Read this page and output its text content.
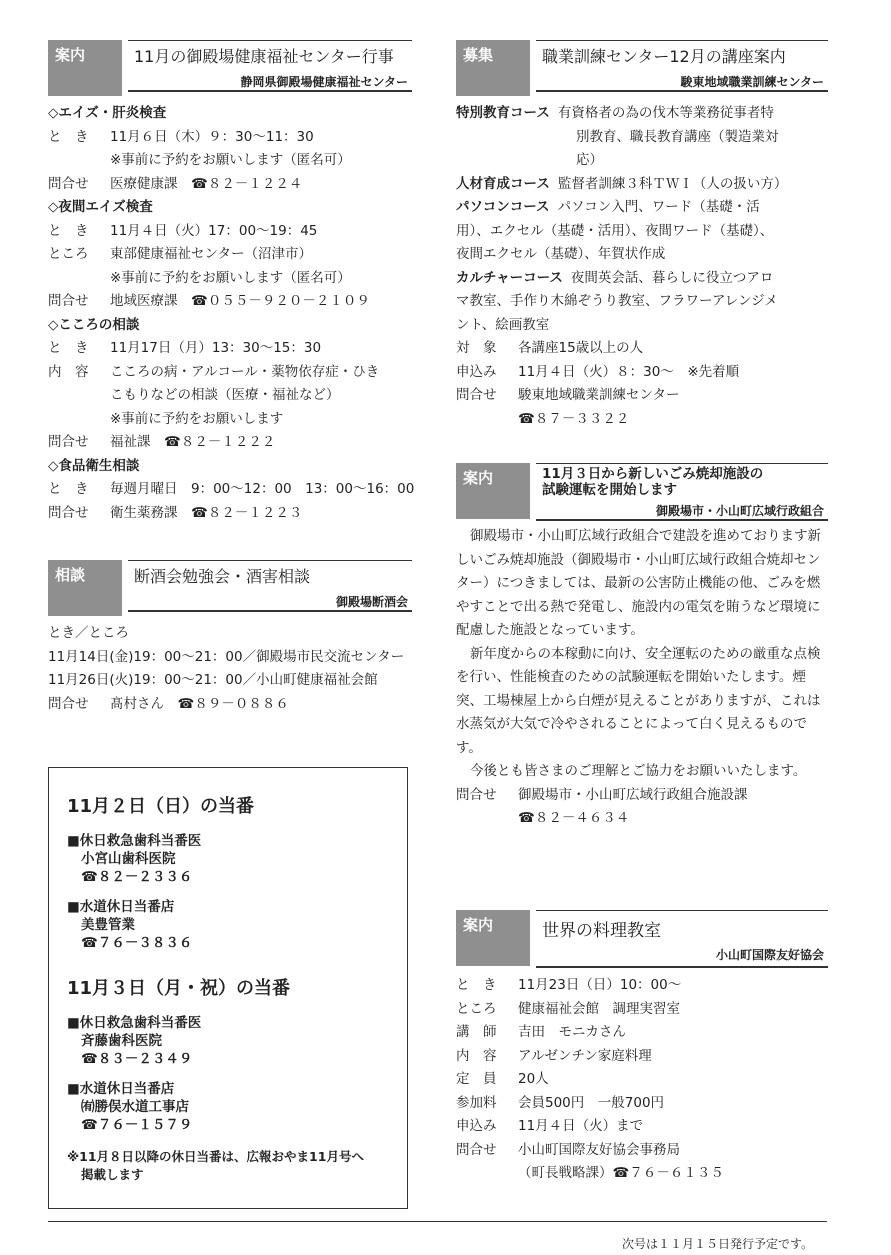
案内	11月の御殿場健康福祉センター行事
静岡県御殿場健康福祉センター
◇エイズ・肝炎検査
と　き 11月６日（木）９：30～11：30
※事前に予約をお願いします（匿名可）
問合せ 医療健康課　☎８２－１２２４
◇夜間エイズ検査
と　き 11月４日（火）17：00～19：45
ところ 東部健康福祉センター（沼津市）
※事前に予約をお願いします（匿名可）
問合せ 地域医療課　☎０５５－９２０－２１０９
◇こころの相談
と　き 11月17日（月）13：30～15：30
内　容 こころの病・アルコール・薬物依存症・ひき
こもりなどの相談（医療・福祉など）
※事前に予約をお願いします
問合せ 福祉課　☎８２－１２２２
◇食品衛生相談
と　き 毎週月曜日　9：00～12：00　13：00～16：00
問合せ 衛生薬務課　☎８２－１２２３
相談	断酒会勉強会・酒害相談
御殿場断酒会
とき／ところ
11月14日(金)19：00～21：00／御殿場市民交流センター
11月26日(火)19：00～21：00／小山町健康福祉会館
問合せ 髙村さん　☎８９－０８８６
11月２日（日）の当番
■休日救急歯科当番医
小宮山歯科医院
☎８２－２３３６
■水道休日当番店
美豊管業
☎７６－３８３６
11月３日（月・祝）の当番
■休日救急歯科当番医
斉藤歯科医院
☎８３－２３４９
■水道休日当番店
㈲勝俣水道工事店
☎７６－１５７９
※11月８日以降の休日当番は、広報おやま11月号へ
掲載します
募集	職業訓練センター12月の講座案内
駿東地域職業訓練センター
特別教育コース 有資格者の為の伐木等業務従事者特
別教育、職長教育講座（製造業対
応）
人材育成コース 監督者訓練３科ＴＷＩ（人の扱い方）
パソコンコース パソコン入門、ワード（基礎・活
用）、エクセル（基礎・活用）、夜間ワード（基礎）、
夜間エクセル（基礎）、年賀状作成
カルチャーコース 夜間英会話、暮らしに役立つアロ
マ教室、手作り木綿ぞうり教室、フラワーアレンジメ
ント、絵画教室
対　象 各講座15歳以上の人
申込み 11月４日（火）８：30～　※先着順
問合せ 駿東地域職業訓練センター
☎８７－３３２２
案内	11月３日から新しいごみ焼却施設の
試験運転を開始します
御殿場市・小山町広域行政組合
御殿場市・小山町広域行政組合で建設を進めております新しいごみ焼却施設（御殿場市・小山町広域行政組合焼却センター）につきましては、最新の公害防止機能の他、ごみを燃やすことで出る熱で発電し、施設内の電気を賄うなど環境に配慮した施設となっています。
新年度からの本稼動に向け、安全運転のための厳重な点検を行い、性能検査のための試験運転を開始いたします。煙突、工場棟屋上から白煙が見えることがありますが、これは水蒸気が大気で冷やされることによって白く見えるものです。
今後とも皆さまのご理解とご協力をお願いいたします。
問合せ 御殿場市・小山町広域行政組合施設課
☎８２－４６３４
案内	世界の料理教室
小山町国際友好協会
と　き 11月23日（日）10：00～
ところ 健康福祉会館　調理実習室
講　師 吉田　モニカさん
内　容 アルゼンチン家庭料理
定　員 20人
参加料 会員500円　一般700円
申込み 11月４日（火）まで
問合せ 小山町国際友好協会事務局
（町長戦略課）☎７６－６１３５
次号は１１月１５日発行予定です。
